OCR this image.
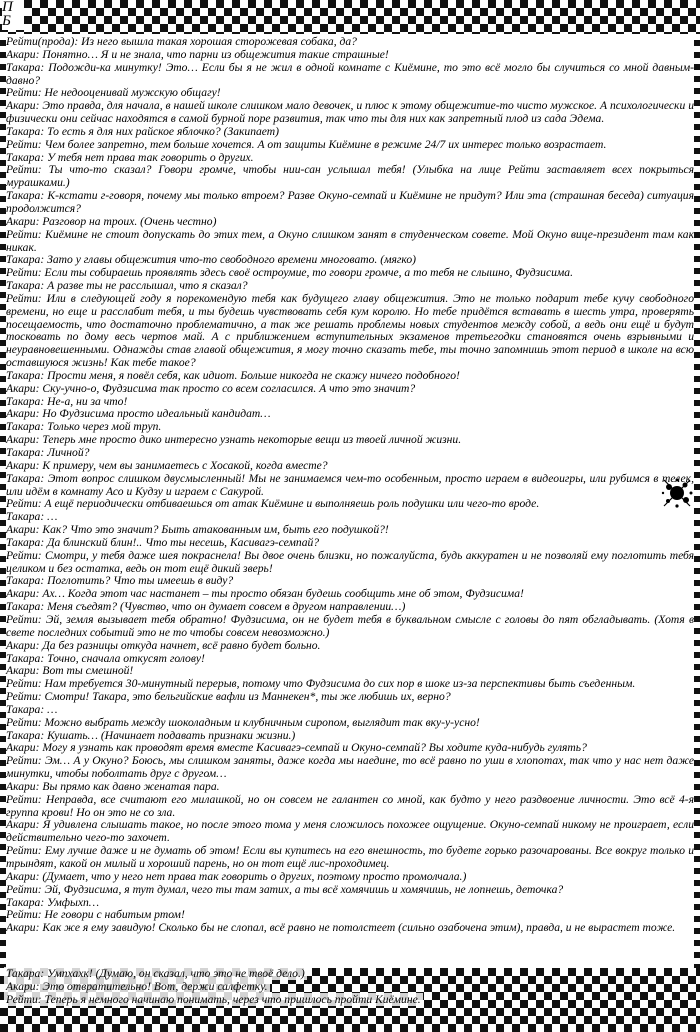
П
Б

Рейти(прода): Из него вышла такая хорошая сторожевая собака, да?

Акари: Понятно… Я и не знала, что парни из общежития такие страшные!

Такара: Подожди-ка минутку! Это… Если бы я не жил в одной комнате с Киёмине, то это всё могло бы случиться со мной давным-давно?

Рейти: Не недооценивай мужскую общагу!

Акари: Это правда, для начала, в нашей школе слишком мало девочек, и плюс к этому общежитие-то чисто мужское. А психологически и физически они сейчас находятся в самой бурной поре развития, так что ты для них как запретный плод из сада Эдема.

Такара: То есть я для них райское яблочко? (Закипает)

Рейти: Чем более запретно, тем больше хочется. А от защиты Киёмине в режиме 24/7 их интерес только возрастает.

Такара: У тебя нет права так говорить о других.

Рейти: Ты что-то сказал? Говори громче, чтобы нии-сан услышал тебя! (Улыбка на лице Рейти заставляет всех покрыться мурашками.)

Такара: К-кстати г-говоря, почему мы только втроем? Разве Окуно-семпай и Киёмине не придут? Или эта (страшная беседа) ситуация продолжится?

Акари: Разговор на троих. (Очень честно)

Рейти: Киёмине не стоит допускать до этих тем, а Окуно слишком занят в студенческом совете. Мой Окуно вице-президент там как никак.

Такара: Зато у главы общежития что-то свободного времени многовато. (мягко)

Рейти: Если ты собираешь проявлять здесь своё остроумие, то говори громче, а то тебя не слышно, Фудзисима.

Такара: А разве ты не расслышал, что я сказал?

Рейти: Или в следующей году я порекомендую тебя как будущего главу общежития. Это не только подарит тебе кучу свободного времени, но еще и расслабит тебя, и ты будешь чувствовать себя кум королю. Но тебе придётся вставать в шесть утра, проверять посещаемость, что достаточно проблематично, а так же решать проблемы новых студентов между собой, а ведь они ещё и будут тосковать по дому весь чертов май. А с приближением вступительных экзаменов третьегодки становятся очень взрывными и неуравновешенными. Однажды став главой общежития, я могу точно сказать тебе, ты точно запомнишь этот период в школе на всю оставшуюся жизнь! Как тебе такое?

Такара: Прости меня, я повёл себя, как идиот. Больше никогда не скажу ничего подобного!

Акари: Ску-учно-о, Фудзисима так просто со всем согласился. А что это значит?

Такара: Не-а, ни за что!

Акари: Но Фудзисима просто идеальный кандидат…

Такара: Только через мой труп.

Акари: Теперь мне просто дико интересно узнать некоторые вещи из твоей личной жизни.

Такара: Личной?

Акари: К примеру, чем вы занимаетесь с Хосакой, когда вместе?

Такара: Этот вопрос слишком двусмысленный! Мы не занимаемся чем-то особенным, просто играем в видеоигры, или рубимся в телек, или идём в комнату Асо и Кудзу и играем с Сакурой.

Рейти: А ещё периодически отбиваешься от атак Киёмине и выполняешь роль подушки или чего-то вроде.

Такара: …

Акари: Как? Что это значит? Быть атакованным им, быть его подушкой?!

Такара: Да блинский блин!.. Что ты несешь, Касивагэ-семпай?

Рейти: Смотри, у тебя даже шея покраснела! Вы двое очень близки, но пожалуйста, будь аккуратен и не позволяй ему поглотить тебя целиком и без остатка, ведь он тот ещё дикий зверь!

Такара: Поглотить? Что ты имеешь в виду?

Акари: Ах… Когда этот час настанет – ты просто обязан будешь сообщить мне об этом, Фудзисима!

Такара: Меня съедят? (Чувство, что он думает совсем в другом направлении…)

Рейти: Эй, земля вызывает тебя обратно! Фудзисима, он не будет тебя в буквальном смысле с головы до пят обгладывать. (Хотя в свете последних событий это не то чтобы совсем невозможно.)

Акари: Да без разницы откуда начнет, всё равно будет больно.

Такара: Точно, сначала откусят голову!

Акари: Вот ты смешной!

Рейти: Нам требуется 30-минутный перерыв, потому что Фудзисима до сих пор в шоке из-за перспективы быть съеденным.

Рейти: Смотри! Такара, это бельгийские вафли из Маннекен*, ты же любишь их, верно?

Такара: …

Рейти: Можно выбрать между шоколадным и клубничным сиропом, выглядит так вку-у-усно!

Такара: Кушать… (Начинает подавать признаки жизни.)

Акари: Могу я узнать как проводят время вместе Касивагэ-семпай и Окуно-семпай? Вы ходите куда-нибудь гулять?

Рейти: Эм… А у Окуно? Боюсь, мы слишком заняты, даже когда мы наедине, то всё равно по уши в хлопотах, так что у нас нет даже минутки, чтобы поболтать друг с другом…

Акари: Вы прямо как давно женатая пара.

Рейти: Неправда, все считают его милашкой, но он совсем не галантен со мной, как будто у него раздвоение личности. Это всё 4-я группа крови! Но он это не со зла.

Акари: Я удивлена слышать такое, но после этого тома у меня сложилось похожее ощущение. Окуно-семпай никому не проиграет, если действительно чего-то захочет.

Рейти: Ему лучше даже и не думать об этом! Если вы купитесь на его внешность, то будете горько разочарованы. Все вокруг только и трындят, какой он милый и хороший парень, но он тот ещё лис-проходимец.

Акари: (Думает, что у него нет права так говорить о других, поэтому просто промолчала.)

Рейти: Эй, Фудзисима, я тут думал, чего ты там затих, а ты всё хомячишь и хомячишь, не лопнешь, деточка?

Такара: Умфыхп…

Рейти: Не говори с набитым ртом!

Акари: Как же я ему завидую! Сколько бы не слопал, всё равно не потолстеет (сильно озабочена этим), правда, и не вырастет тоже.

Такара: Умпхахк! (Думаю, он сказал, что это не твоё дело.)
Акари: Это отвратительно! Вот, держи салфетку.
Рейти: Теперь я немного начинаю понимать, через что пришлось пройти Киёмине.
